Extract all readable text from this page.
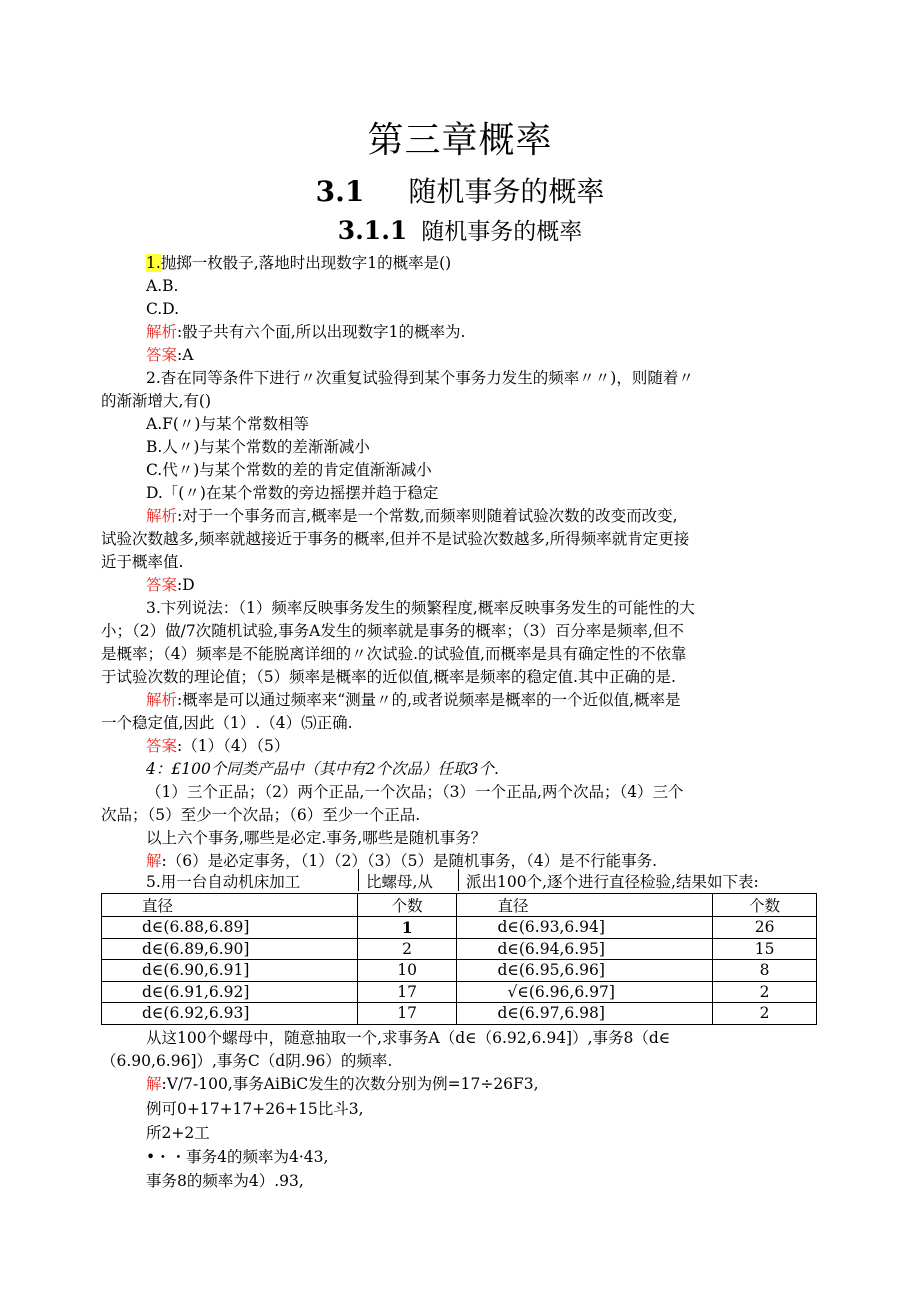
第三章概率
3.1 随机事务的概率
3.1.1 随机事务的概率
1.抛掷一枚骰子,落地时出现数字1的概率是()
A.B.
C.D.
解析:骰子共有六个面,所以出现数字1的概率为.
答案:A
2.杳在同等条件下进行〃次重复试验得到某个事务力发生的频率〃〃)，则随着〃
的渐渐增大,有()
A.F(〃)与某个常数相等
B.人〃)与某个常数的差渐渐减小
C.代〃)与某个常数的差的肯定值渐渐减小
D.「(〃)在某个常数的旁边摇摆并趋于稳定
解析:对于一个事务而言,概率是一个常数,而频率则随着试验次数的改变而改变,
试验次数越多,频率就越接近于事务的概率,但并不是试验次数越多,所得频率就肯定更接
近于概率值.
答案:D
3.卞列说法：（1）频率反映事务发生的频繁程度,概率反映事务发生的可能性的大
小；（2）做/7次随机试验,事务A发生的频率就是事务的概率；（3）百分率是频率,但不
是概率；（4）频率是不能脱离详细的〃次试验.的试验值,而概率是具有确定性的不依靠
于试验次数的理论值；（5）频率是概率的近似值,概率是频率的稳定值.其中正确的是.
解析:概率是可以通过频率来“测量〃的,或者说频率是概率的一个近似值,概率是
一个稳定值,因此（1）.（4）⑸正确.
答案:（1）（4）（5）
4：£100个同类产品中（其中有2个次品）任取3个.
（1）三个正品；（2）两个正品,一个次品；（3）一个正品,两个次品；（4）三个
次品；（5）至少一个次品；（6）至少一个正品.
以上六个事务,哪些是必定.事务,哪些是随机事务？
解:（6）是必定事务，（1）（2）（3）（5）是随机事务，（4）是不行能事务.
5.用一台自动机床加工	比螺母,从 派出100个,逐个进行直径检验,结果如下表:
直径	个数	直径	个数
d∈(6.88,6.89]	1	d∈(6.93,6.94]	26
d∈(6.89,6.90]	2	d∈(6.94,6.95]	15
d∈(6.90,6.91]	10	d∈(6.95,6.96]	8
d∈(6.91,6.92]	17	√∈(6.96,6.97]	2
d∈(6.92,6.93]	17	d∈(6.97,6.98]	2
从这100个螺母中，随意抽取一个,求事务A（d∈（6.92,6.94]）,事务8（d∈
（6.90,6.96]）,事务C（d阴.96）的频率.
解:V/7-100,事务AiBiC发生的次数分别为例=17÷26F3,
例可0+17+17+26+15比斗3,
所2+2工
•・・事务4的频率为4·43,
事务8的频率为4）.93,
